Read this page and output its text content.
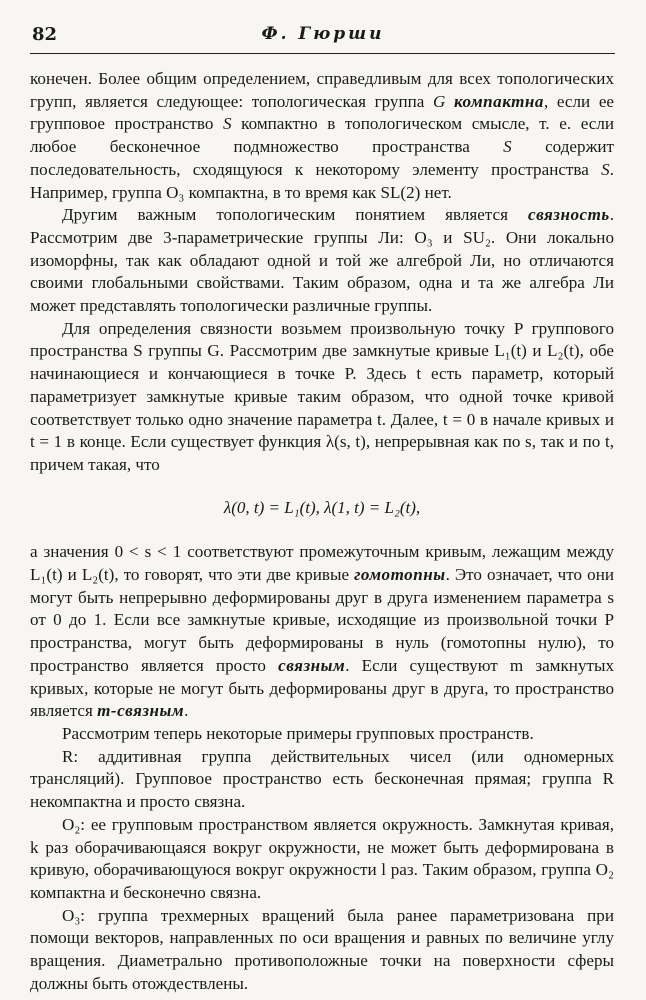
82	Ф. Гюрши

конечен. Более общим определением, справедливым для всех топологических групп, является следующее: топологическая группа G компактна, если ее групповое пространство S компактно в топологическом смысле, т. е. если любое бесконечное подмножество пространства S содержит последовательность, сходящуюся к некоторому элементу пространства S. Например, группа O₃ компактна, в то время как SL(2) нет.

Другим важным топологическим понятием является связность. Рассмотрим две 3-параметрические группы Ли: O₃ и SU₂. Они локально изоморфны, так как обладают одной и той же алгеброй Ли, но отличаются своими глобальными свойствами. Таким образом, одна и та же алгебра Ли может представлять топологически различные группы.

Для определения связности возьмем произвольную точку P группового пространства S группы G. Рассмотрим две замкнутые кривые L₁(t) и L₂(t), обе начинающиеся и кончающиеся в точке P. Здесь t есть параметр, который параметризует замкнутые кривые таким образом, что одной точке кривой соответствует только одно значение параметра t. Далее, t = 0 в начале кривых и t = 1 в конце. Если существует функция λ(s, t), непрерывная как по s, так и по t, причем такая, что

λ(0, t) = L₁(t), λ(1, t) = L₂(t),

а значения 0 < s < 1 соответствуют промежуточным кривым, лежащим между L₁(t) и L₂(t), то говорят, что эти две кривые гомотопны. Это означает, что они могут быть непрерывно деформированы друг в друга изменением параметра s от 0 до 1. Если все замкнутые кривые, исходящие из произвольной точки P пространства, могут быть деформированы в нуль (гомотопны нулю), то пространство является просто связным. Если существуют m замкнутых кривых, которые не могут быть деформированы друг в друга, то пространство является m-связным.

Рассмотрим теперь некоторые примеры групповых пространств.

R: аддитивная группа действительных чисел (или одномерных трансляций). Групповое пространство есть бесконечная прямая; группа R некомпактна и просто связна.

O₂: ее групповым пространством является окружность. Замкнутая кривая, k раз оборачивающаяся вокруг окружности, не может быть деформирована в кривую, оборачивающуюся вокруг окружности l раз. Таким образом, группа O₂ компактна и бесконечно связна.

O₃: группа трехмерных вращений была ранее параметризована при помощи векторов, направленных по оси вращения и равных по величине углу вращения. Диаметрально противоположные точки на поверхности сферы должны быть отождествлены.
